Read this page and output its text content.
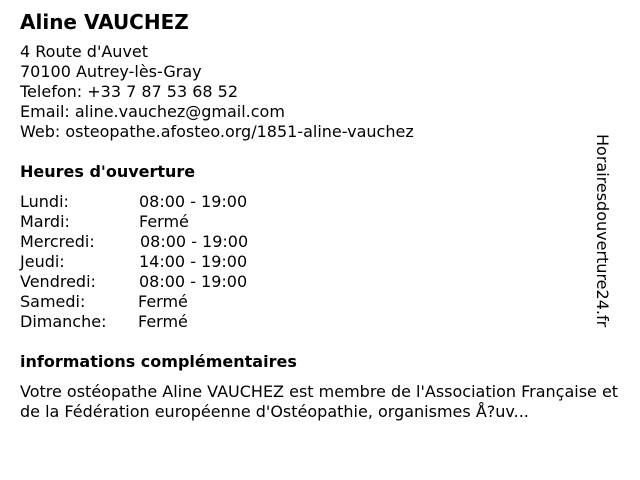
Aline VAUCHEZ
4 Route d'Auvet
70100 Autrey-lès-Gray
Telefon: +33 7 87 53 68 52
Email: aline.vauchez@gmail.com
Web: osteopathe.afosteo.org/1851-aline-vauchez
Heures d'ouverture
Lundi:	08:00 - 19:00
Mardi:	Fermé
Mercredi:	08:00 - 19:00
Jeudi:	14:00 - 19:00
Vendredi:	08:00 - 19:00
Samedi:	Fermé
Dimanche: Fermé
informations complémentaires
Votre ostéopathe Aline VAUCHEZ est membre de l'Association Française et de la Fédération européenne d'Ostéopathie, organismes Å?uv...
Horairesdouverture24.fr
